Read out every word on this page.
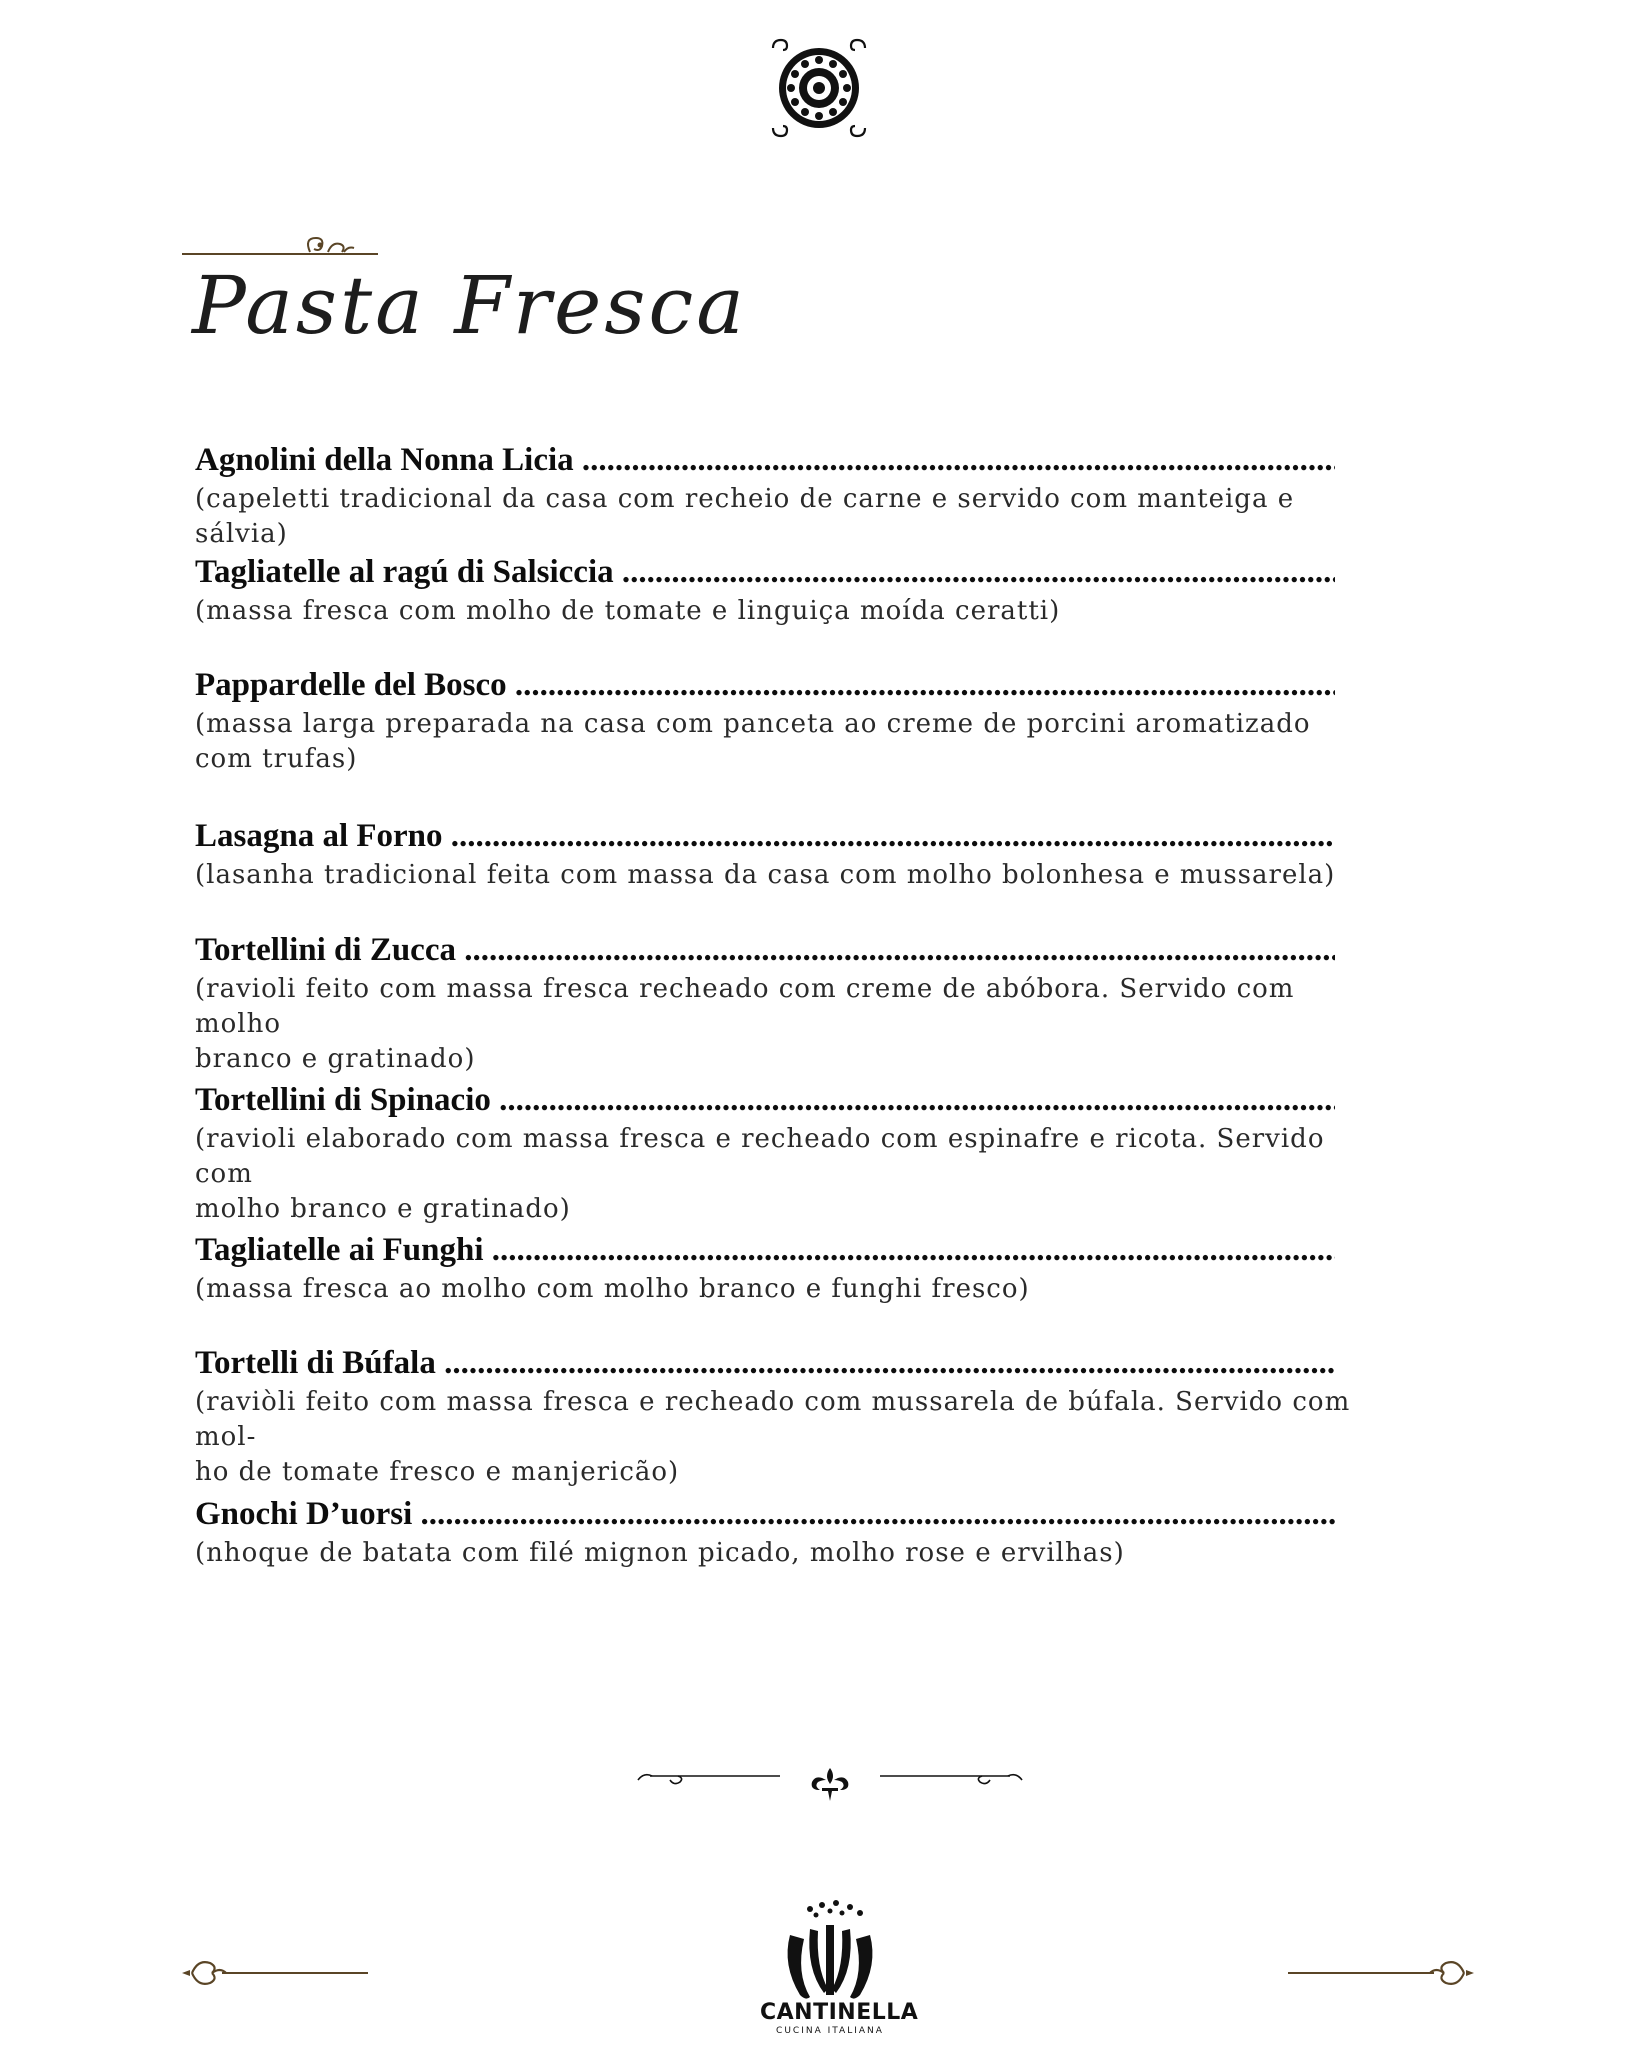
Pasta Fresca
Agnolini della Nonna Licia .....
(capeletti tradicional da casa com recheio de carne e servido com manteiga e sálvia)
Tagliatelle al ragú di Salsiccia .....
(massa fresca com molho de tomate e linguiça moída ceratti)
Pappardelle del Bosco .....
(massa larga preparada na casa com panceta ao creme de porcini aromatizado
com trufas)
Lasagna al Forno .....
(lasanha tradicional feita com massa da casa com molho bolonhesa e mussarela)
Tortellini di Zucca .....
(ravioli feito com massa fresca recheado com creme de abóbora. Servido com molho
branco e gratinado)
Tortellini di Spinacio .....
(ravioli elaborado com massa fresca e recheado com espinafre e ricota. Servido com
molho branco e gratinado)
Tagliatelle ai Funghi .....
(massa fresca ao molho com molho branco e funghi fresco)
Tortelli di Búfala .....
(raviòli feito com massa fresca e recheado com mussarela de búfala. Servido com mol-
ho de tomate fresco e manjericão)
Gnochi D’uorsi .....
(nhoque de batata com filé mignon picado, molho rose e ervilhas)
CANTINELLA
CUCINA ITALIANA
